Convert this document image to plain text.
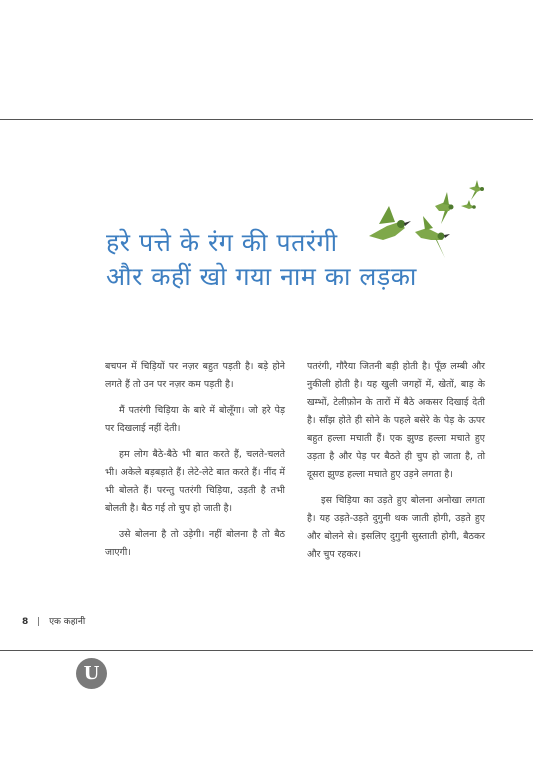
हरे पत्ते के रंग की पतरंगी
और कहीं खो गया नाम का लड़का

बचपन में चिड़ियों पर नज़र बहुत पड़ती है। बड़े होने लगते हैं तो उन पर नज़र कम पड़ती है।

मैं पतरंगी चिड़िया के बारे में बोलूँगा। जो हरे पेड़ पर दिखलाई नहीं देती।

हम लोग बैठे-बैठे भी बात करते हैं, चलते-चलते भी। अकेले बड़बड़ाते हैं। लेटे-लेटे बात करते हैं। नींद में भी बोलते हैं। परन्तु पतरंगी चिड़िया, उड़ती है तभी बोलती है। बैठ गई तो चुप हो जाती है।

उसे बोलना है तो उड़ेगी। नहीं बोलना है तो बैठ जाएगी।

पतरंगी, गौरैया जितनी बड़ी होती है। पूँछ लम्बी और नुकीली होती है। यह खुली जगहों में, खेतों, बाड़ के खम्भों, टेलीफ़ोन के तारों में बैठे अकसर दिखाई देती है। साँझ होते ही सोने के पहले बसेरे के पेड़ के ऊपर बहुत हल्ला मचाती हैं। एक झुण्ड हल्ला मचाते हुए उड़ता है और पेड़ पर बैठते ही चुप हो जाता है, तो दूसरा झुण्ड हल्ला मचाते हुए उड़ने लगता है।

इस चिड़िया का उड़ते हुए बोलना अनोखा लगता है। यह उड़ते-उड़ते दुगुनी थक जाती होगी, उड़ते हुए और बोलने से। इसलिए दुगुनी सुस्ताती होगी, बैठकर और चुप रहकर।

8 | एक कहानी
U
